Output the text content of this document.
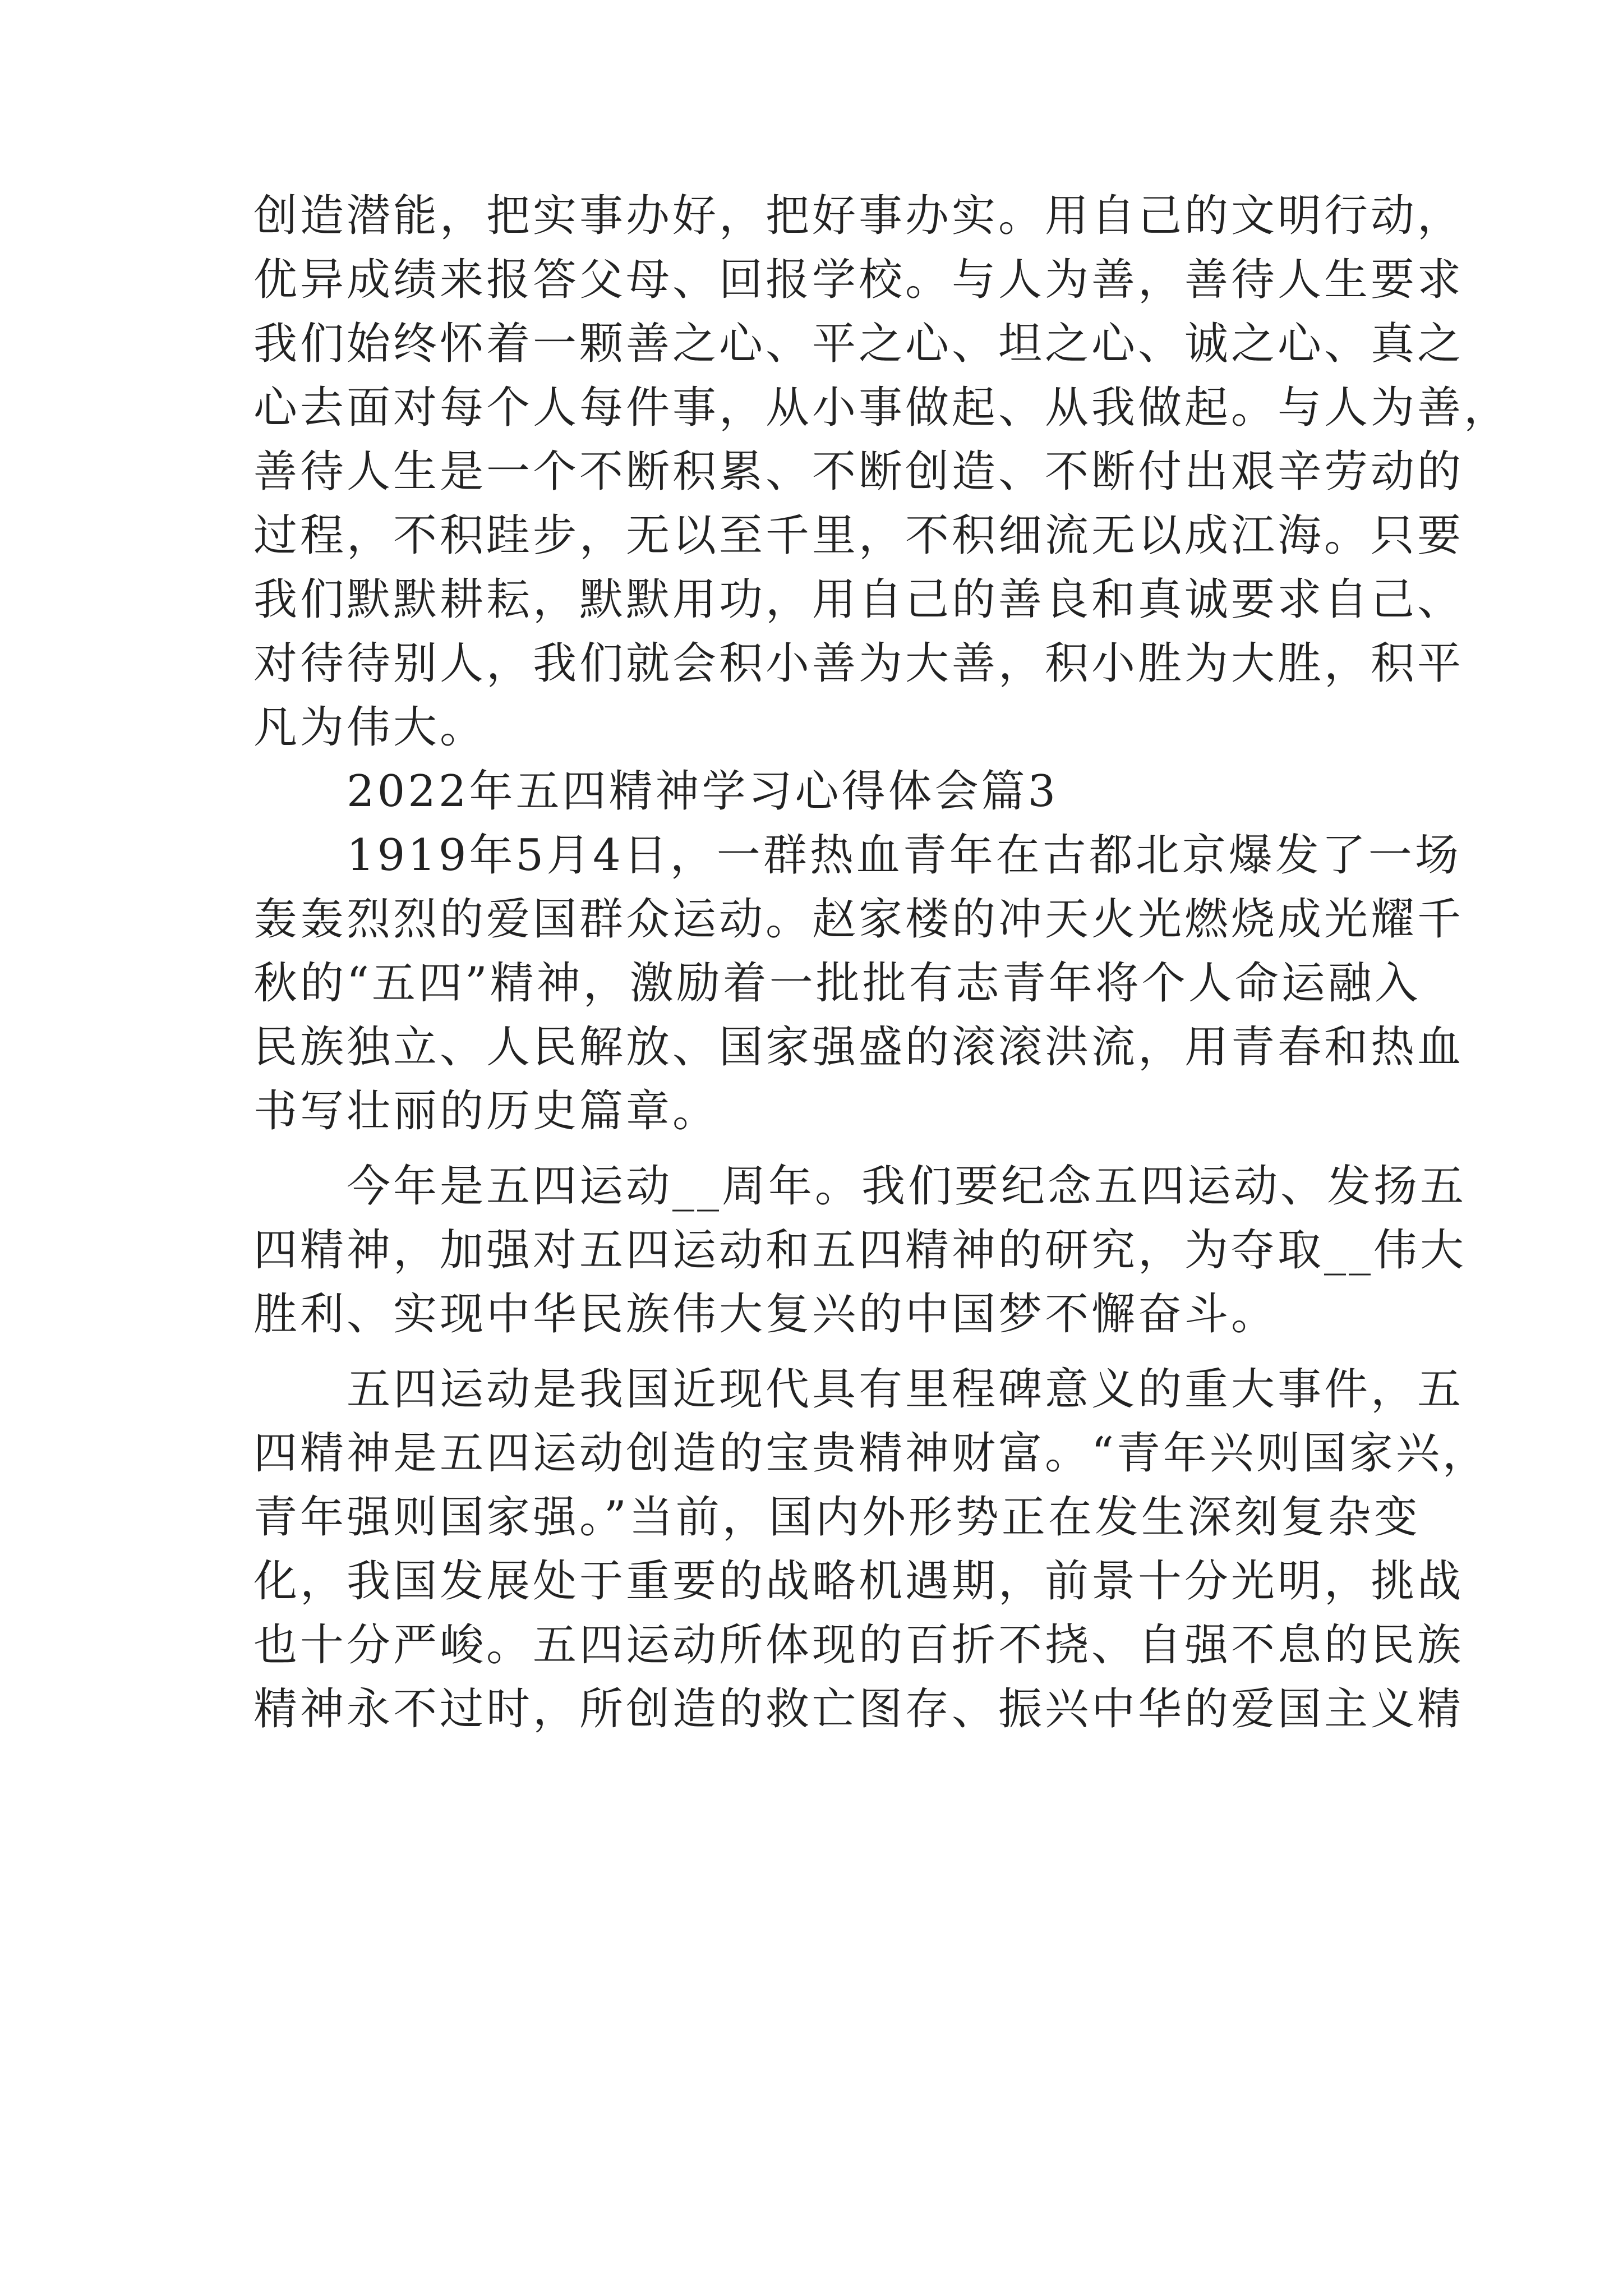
创造潜能，把实事办好，把好事办实。用自己的文明行动，
优异成绩来报答父母、回报学校。与人为善，善待人生要求
我们始终怀着一颗善之心、平之心、坦之心、诚之心、真之
心去面对每个人每件事，从小事做起、从我做起。与人为善，
善待人生是一个不断积累、不断创造、不断付出艰辛劳动的
过程，不积跬步，无以至千里，不积细流无以成江海。只要
我们默默耕耘，默默用功，用自己的善良和真诚要求自己、
对待待别人，我们就会积小善为大善，积小胜为大胜，积平
凡为伟大。
　　2022年五四精神学习心得体会篇3
　　1919年5月4日，一群热血青年在古都北京爆发了一场
轰轰烈烈的爱国群众运动。赵家楼的冲天火光燃烧成光耀千
秋的“五四”精神，激励着一批批有志青年将个人命运融入
民族独立、人民解放、国家强盛的滚滚洪流，用青春和热血
书写壮丽的历史篇章。
　　今年是五四运动__周年。我们要纪念五四运动、发扬五
四精神，加强对五四运动和五四精神的研究，为夺取__伟大
胜利、实现中华民族伟大复兴的中国梦不懈奋斗。
　　五四运动是我国近现代具有里程碑意义的重大事件，五
四精神是五四运动创造的宝贵精神财富。“青年兴则国家兴，
青年强则国家强。”当前，国内外形势正在发生深刻复杂变
化，我国发展处于重要的战略机遇期，前景十分光明，挑战
也十分严峻。五四运动所体现的百折不挠、自强不息的民族
精神永不过时，所创造的救亡图存、振兴中华的爱国主义精
